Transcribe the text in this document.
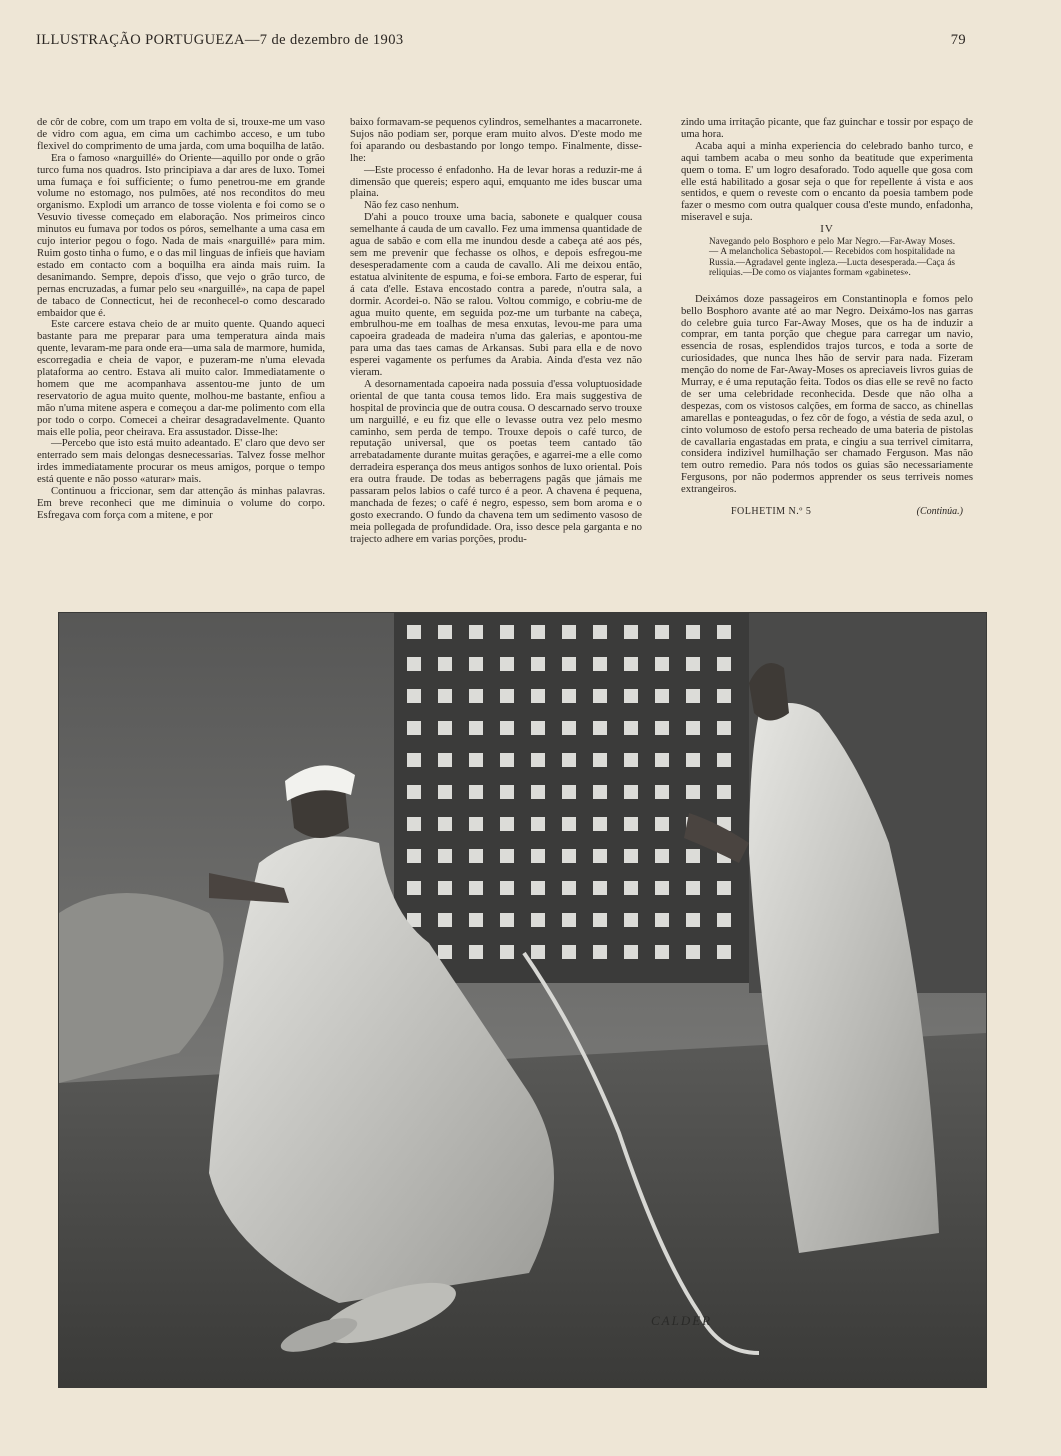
ILLUSTRAÇÃO PORTUGUEZA—7 de dezembro de 1903	79

de côr de cobre, com um trapo em volta de si, trouxe-me um vaso de vidro com agua, em cima um cachimbo acceso, e um tubo flexivel do comprimento de uma jarda, com uma boquilha de latão.

Era o famoso «narguillé» do Oriente—aquillo por onde o grão turco fuma nos quadros. Isto principiava a dar ares de luxo. Tomei uma fumaça e foi sufficiente; o fumo penetrou-me em grande volume no estomago, nos pulmões, até nos reconditos do meu organismo. Explodi um arranco de tosse violenta e foi como se o Vesuvio tivesse começado em elaboração. Nos primeiros cinco minutos eu fumava por todos os póros, semelhante a uma casa em cujo interior pegou o fogo. Nada de mais «narguillé» para mim. Ruim gosto tinha o fumo, e o das mil linguas de infieis que haviam estado em contacto com a boquilha era ainda mais ruim. Ia desanimando. Sempre, depois d'isso, que vejo o grão turco, de pernas encruzadas, a fumar pelo seu «narguillé», na capa de papel de tabaco de Connecticut, hei de reconhecel-o como descarado embaidor que é.

Este carcere estava cheio de ar muito quente. Quando aqueci bastante para me preparar para uma temperatura ainda mais quente, levaram-me para onde era—uma sala de marmore, humida, escorregadia e cheia de vapor, e puzeram-me n'uma elevada plataforma ao centro. Estava ali muito calor. Immediatamente o homem que me acompanhava assentou-me junto de um reservatorio de agua muito quente, molhou-me bastante, enfiou a mão n'uma mitene aspera e começou a dar-me polimento com ella por todo o corpo. Comecei a cheirar desagradavelmente. Quanto mais elle polia, peor cheirava. Era assustador. Disse-lhe:

—Percebo que isto está muito adeantado. E' claro que devo ser enterrado sem mais delongas desnecessarias. Talvez fosse melhor irdes immediatamente procurar os meus amigos, porque o tempo está quente e não posso «aturar» mais.

Continuou a friccionar, sem dar attenção ás minhas palavras. Em breve reconheci que me diminuia o volume do corpo. Esfregava com força com a mitene, e por

baixo formavam-se pequenos cylindros, semelhantes a macarronete. Sujos não podiam ser, porque eram muito alvos. D'este modo me foi aparando ou desbastando por longo tempo. Finalmente, disse-lhe:

—Este processo é enfadonho. Ha de levar horas a reduzir-me á dimensão que quereis; espero aqui, emquanto me ides buscar uma plaina.

Não fez caso nenhum.

D'ahi a pouco trouxe uma bacia, sabonete e qualquer cousa semelhante á cauda de um cavallo. Fez uma immensa quantidade de agua de sabão e com ella me inundou desde a cabeça até aos pés, sem me prevenir que fechasse os olhos, e depois esfregou-me desesperadamente com a cauda de cavallo. Ali me deixou então, estatua alvinitente de espuma, e foi-se embora. Farto de esperar, fui á cata d'elle. Estava encostado contra a parede, n'outra sala, a dormir. Acordei-o. Não se ralou. Voltou commigo, e cobriu-me de agua muito quente, em seguida poz-me um turbante na cabeça, embrulhou-me em toalhas de mesa enxutas, levou-me para uma capoeira gradeada de madeira n'uma das galerias, e apontou-me para uma das taes camas de Arkansas. Subi para ella e de novo esperei vagamente os perfumes da Arabia. Ainda d'esta vez não vieram.

A desornamentada capoeira nada possuia d'essa voluptuosidade oriental de que tanta cousa temos lido. Era mais suggestiva de hospital de provincia que de outra cousa. O descarnado servo trouxe um narguillé, e eu fiz que elle o levasse outra vez pelo mesmo caminho, sem perda de tempo. Trouxe depois o café turco, de reputação universal, que os poetas teem cantado tão arrebatadamente durante muitas gerações, e agarrei-me a elle como derradeira esperança dos meus antigos sonhos de luxo oriental. Pois era outra fraude. De todas as beberragens pagãs que jámais me passaram pelos labios o café turco é a peor. A chavena é pequena, manchada de fezes; o café é negro, espesso, sem bom aroma e o gosto execrando. O fundo da chavena tem um sedimento vasoso de meia pollegada de profundidade. Ora, isso desce pela garganta e no trajecto adhere em varias porções, produ-

zindo uma irritação picante, que faz guinchar e tossir por espaço de uma hora.

Acaba aqui a minha experiencia do celebrado banho turco, e aqui tambem acaba o meu sonho da beatitude que experimenta quem o toma. E' um logro desaforado. Todo aquelle que gosa com elle está habilitado a gosar seja o que for repellente á vista e aos sentidos, e quem o reveste com o encanto da poesia tambem pode fazer o mesmo com outra qualquer cousa d'este mundo, enfadonha, miseravel e suja.

IV

Navegando pelo Bosphoro e pelo Mar Negro.—Far-Away Moses.— A melancholica Sebastopol.— Recebidos com hospitalidade na Russia.—Agradavel gente ingleza.—Lucta desesperada.—Caça ás reliquias.—De como os viajantes formam «gabinetes».

Deixámos doze passageiros em Constantinopla e fomos pelo bello Bosphoro avante até ao mar Negro. Deixámo-los nas garras do celebre guia turco Far-Away Moses, que os ha de induzir a comprar, em tanta porção que chegue para carregar um navio, essencia de rosas, esplendidos trajos turcos, e toda a sorte de curiosidades, que nunca lhes hão de servir para nada. Fizeram menção do nome de Far-Away-Moses os apreciaveis livros guias de Murray, e é uma reputação feita. Todos os dias elle se revê no facto de ser uma celebridade reconhecida. Desde que não olha a despezas, com os vistosos calções, em forma de sacco, as chinellas amarellas e ponteagudas, o fez côr de fogo, a véstia de seda azul, o cinto volumoso de estofo persa recheado de uma bateria de pistolas de cavallaria engastadas em prata, e cingiu a sua terrivel cimitarra, considera indizivel humilhação ser chamado Ferguson. Mas não tem outro remedio. Para nós todos os guias são necessariamente Fergusons, por não podermos apprender os seus terriveis nomes extrangeiros.

FOLHETIM N.º 5	(Continúa.)
CALDER
